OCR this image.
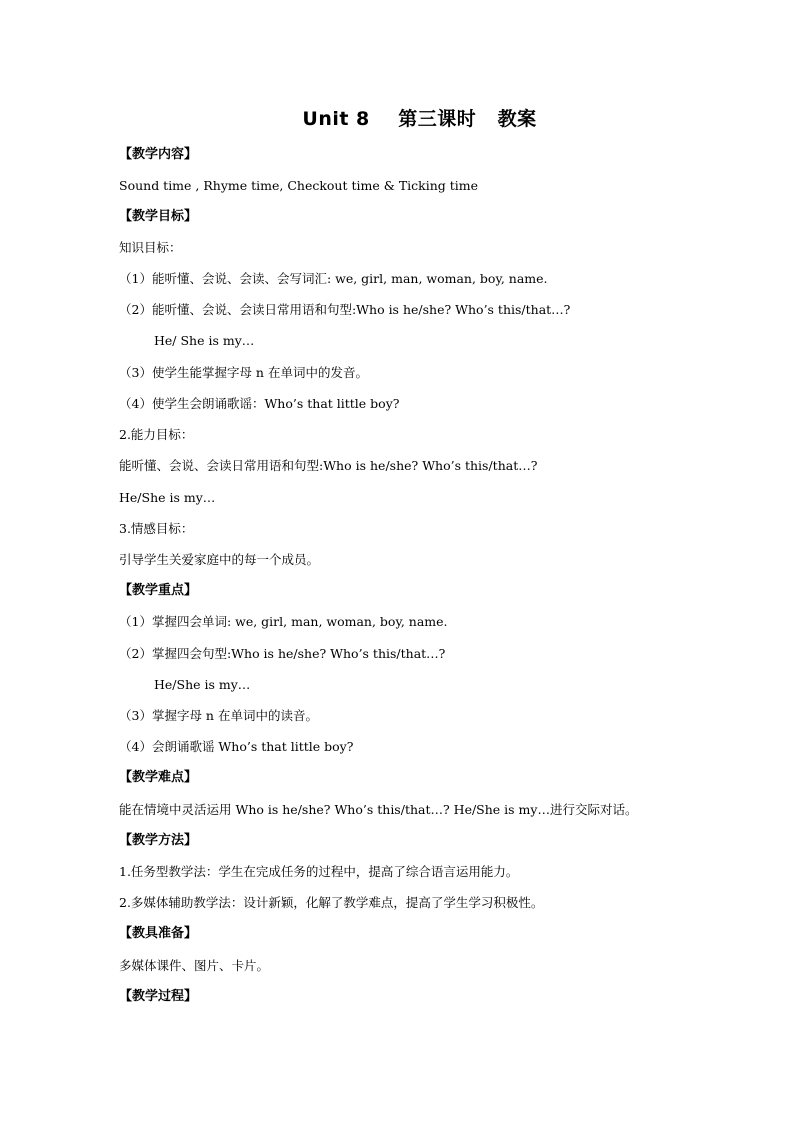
Unit 8    第三课时   教案
【教学内容】
Sound time , Rhyme time, Checkout time & Ticking time
【教学目标】
知识目标：
（1）能听懂、会说、会读、会写词汇: we, girl, man, woman, boy, name.
（2）能听懂、会说、会读日常用语和句型:Who is he/she? Who’s this/that…?
He/ She is my…
（3）使学生能掌握字母 n 在单词中的发音。
（4）使学生会朗诵歌谣：Who’s that little boy?
2.能力目标：
能听懂、会说、会读日常用语和句型:Who is he/she? Who’s this/that…?
He/She is my…
3.情感目标：
引导学生关爱家庭中的每一个成员。
【教学重点】
（1）掌握四会单词: we, girl, man, woman, boy, name.
（2）掌握四会句型:Who is he/she? Who’s this/that…?
He/She is my…
（3）掌握字母 n 在单词中的读音。
（4）会朗诵歌谣 Who’s that little boy?
【教学难点】
能在情境中灵活运用 Who is he/she? Who’s this/that…? He/She is my…进行交际对话。
【教学方法】
1.任务型教学法：学生在完成任务的过程中，提高了综合语言运用能力。
2.多媒体辅助教学法：设计新颖，化解了教学难点，提高了学生学习积极性。
【教具准备】
多媒体课件、图片、卡片。
【教学过程】
